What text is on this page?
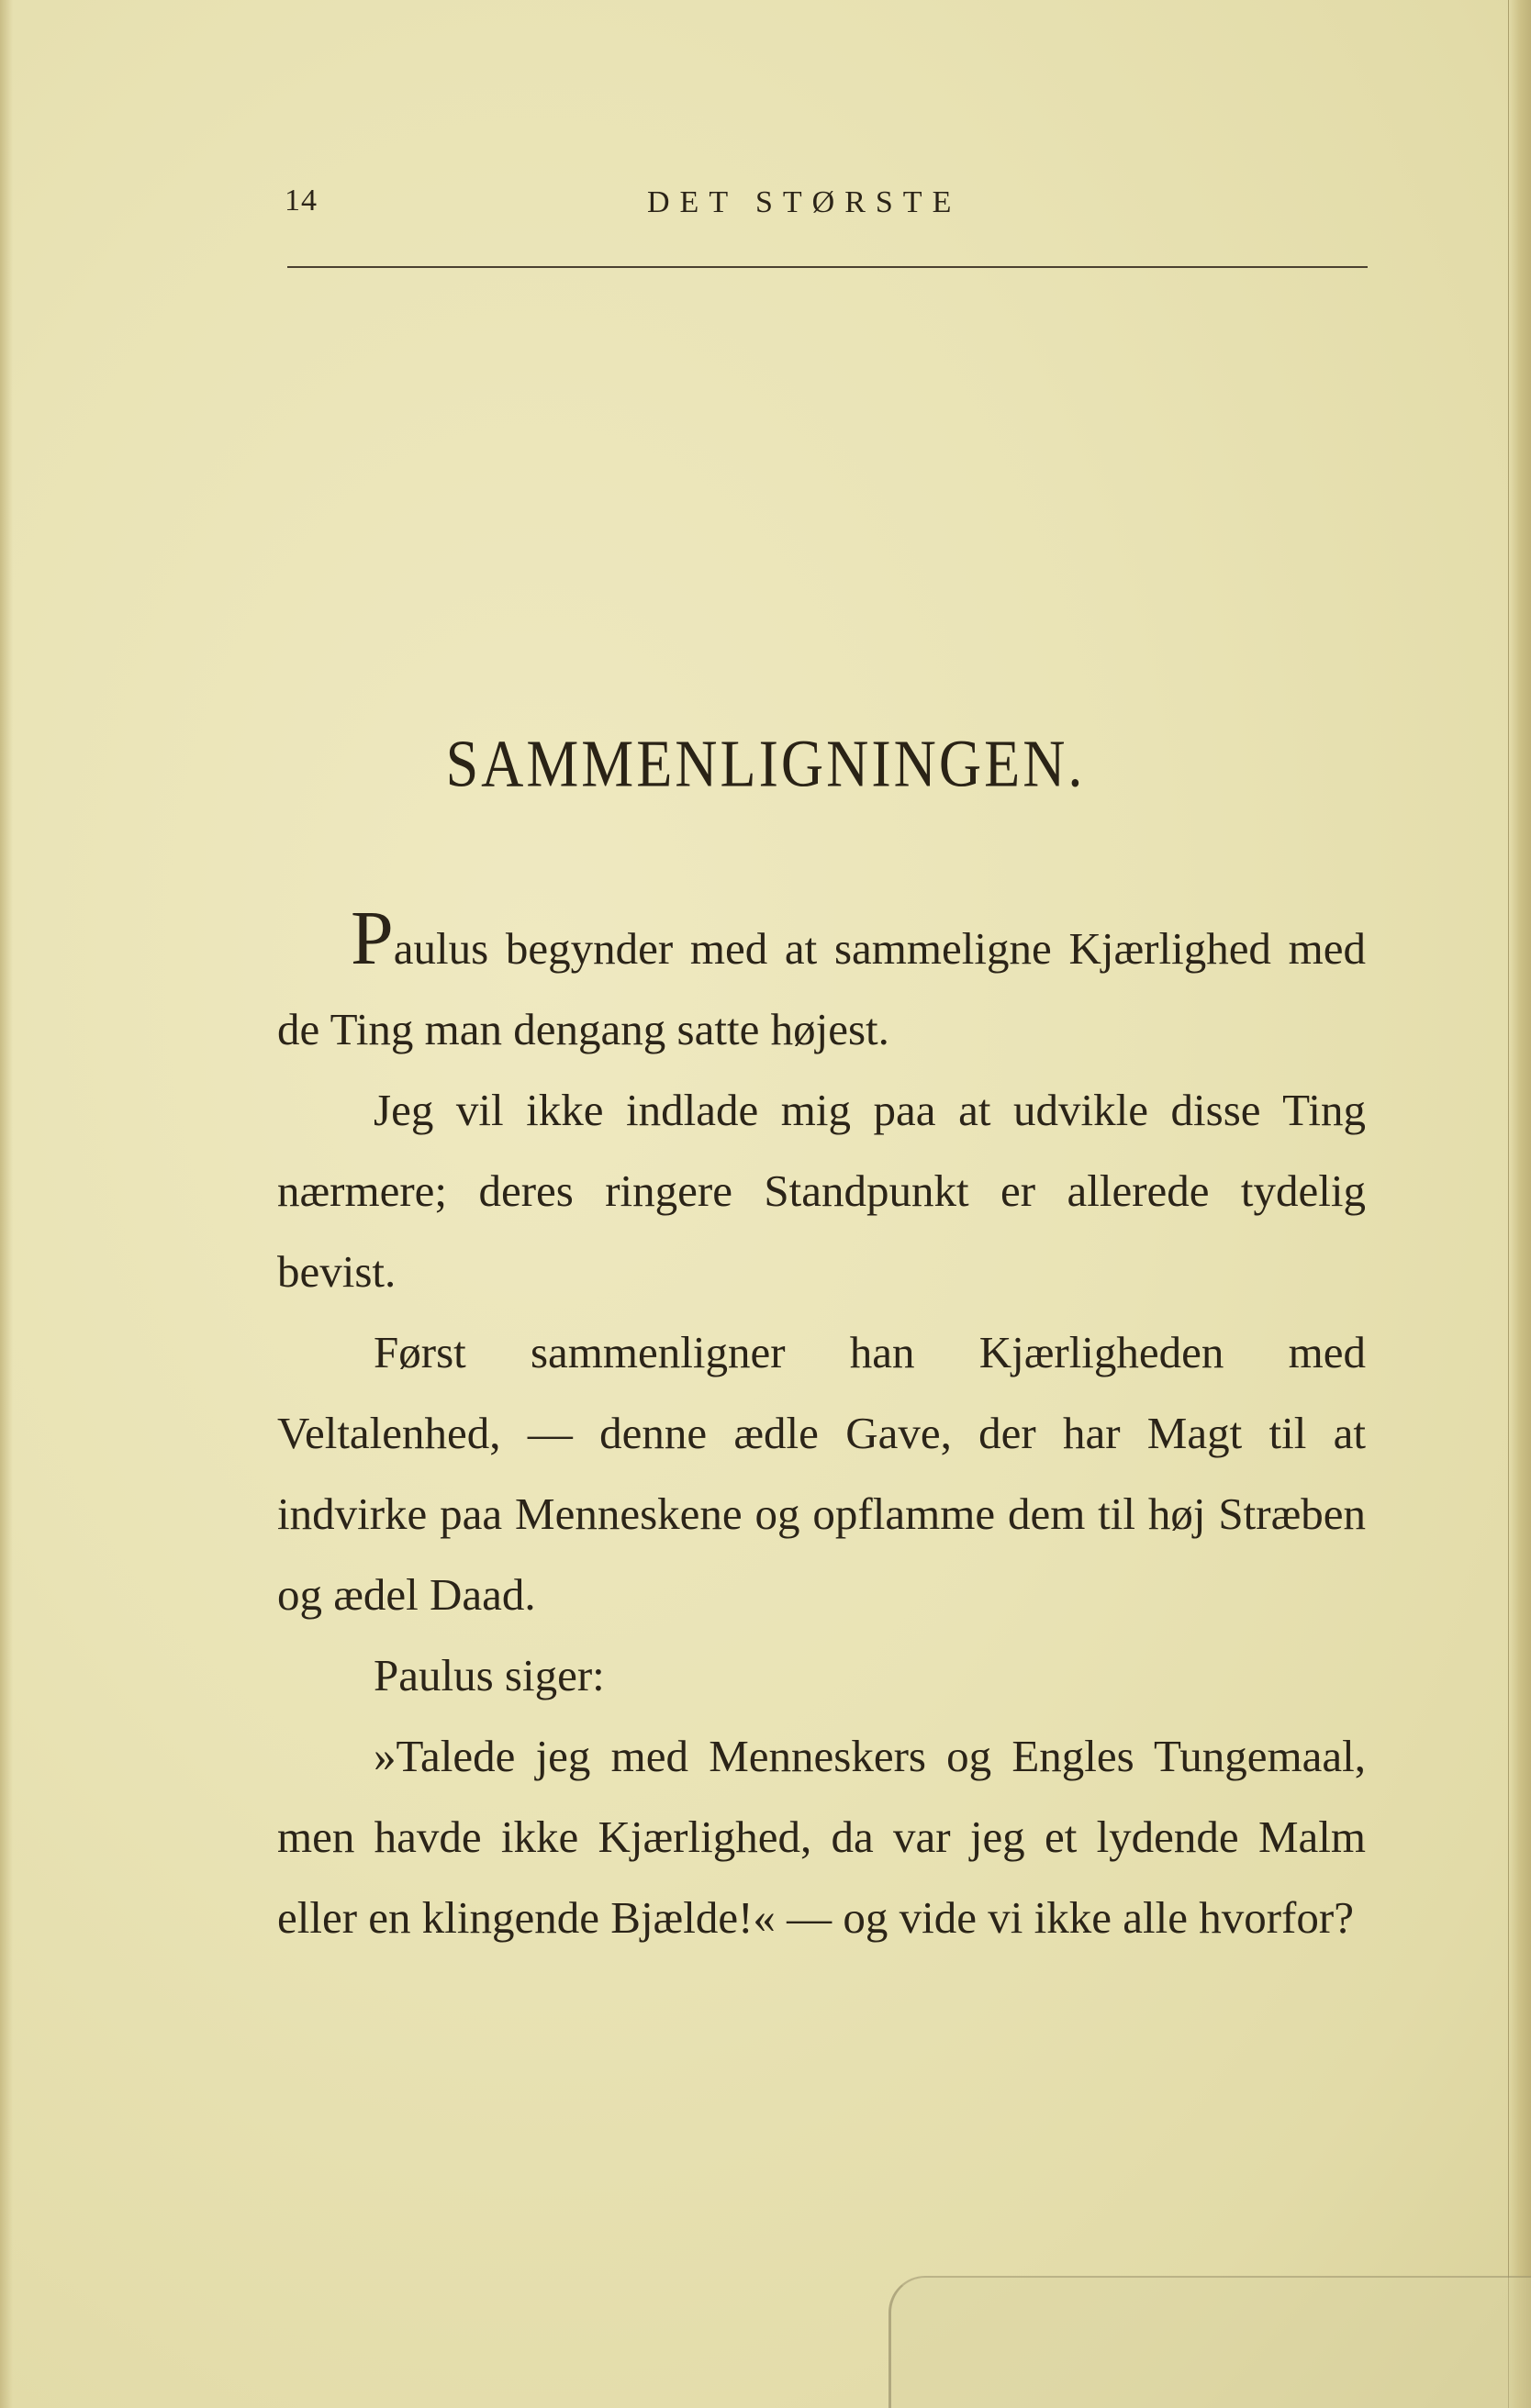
14	DET STØRSTE
SAMMENLIGNINGEN.

Paulus begynder med at sammeligne Kjærlighed med de Ting man dengang satte højest.

Jeg vil ikke indlade mig paa at udvikle disse Ting nærmere; deres ringere Standpunkt er allerede tydelig bevist.

Først sammenligner han Kjærligheden med Veltalenhed, — denne ædle Gave, der har Magt til at indvirke paa Menneskene og opflamme dem til høj Stræben og ædel Daad.

Paulus siger:

»Talede jeg med Menneskers og Engles Tungemaal, men havde ikke Kjærlighed, da var jeg et lydende Malm eller en klingende Bjælde!« — og vide vi ikke alle hvorfor?
